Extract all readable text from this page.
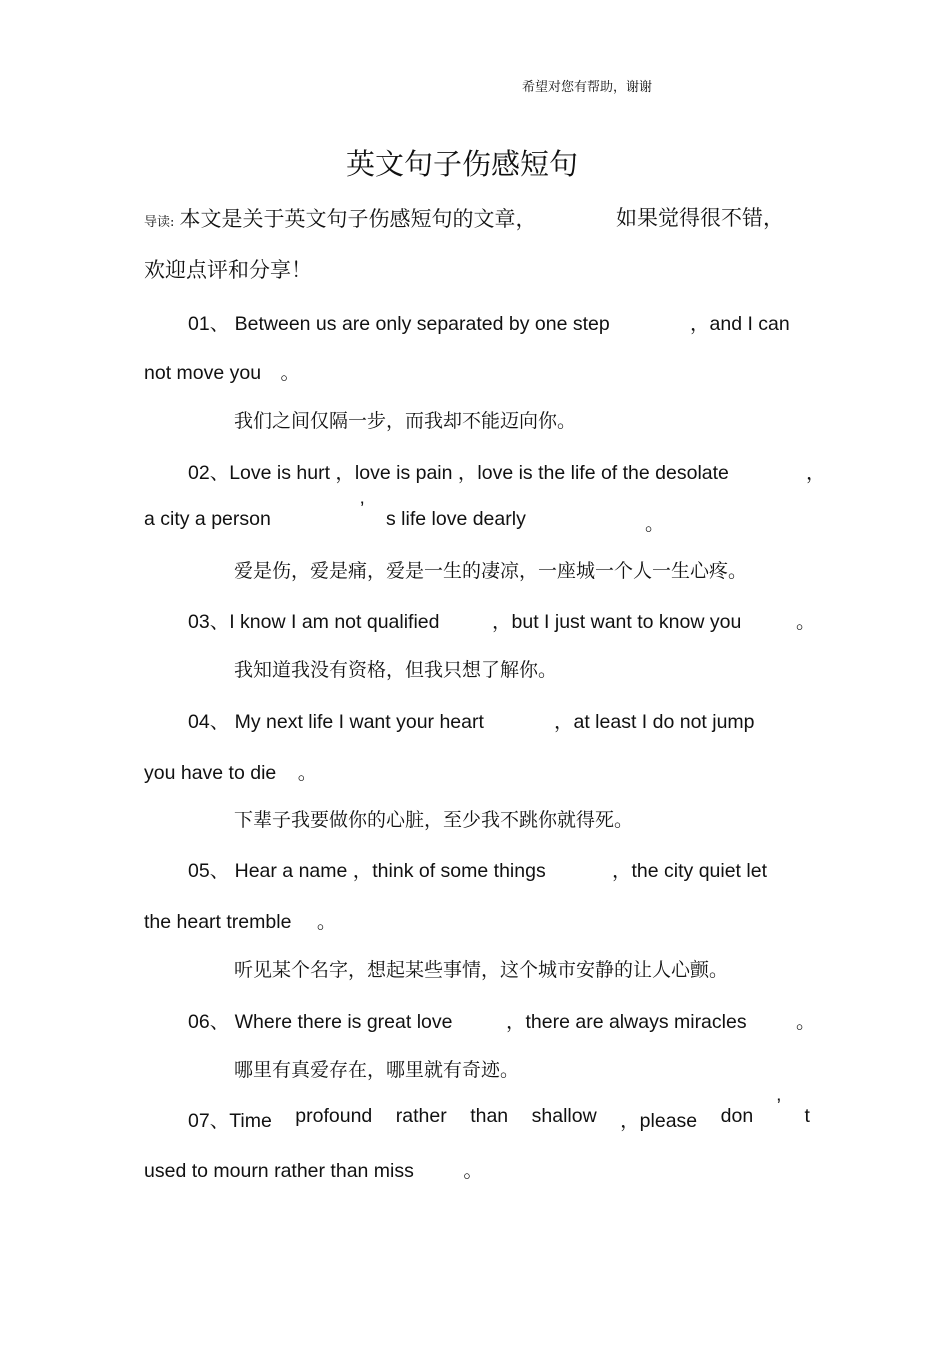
希望对您有帮助，谢谢
英文句子伤感短句
导读: 本文是关于英文句子伤感短句的文章，	如果觉得很不错，
欢迎点评和分享！
01、 Between us are only separated by one step	，and I can
not move you 。
我们之间仅隔一步，而我却不能迈向你。
02、Love is hurt ，love is pain ，love is the life of the desolate	，
a city a person	’ s life love dearly	。
爱是伤，爱是痛，爱是一生的凄凉，一座城一个人一生心疼。
03、I know I am not qualified	，but I just want to know you	。
我知道我没有资格，但我只想了解你。
04、 My next life I want your heart	，at least I do not jump
you have to die 。
下辈子我要做你的心脏，至少我不跳你就得死。
05、 Hear a name ，think of some things	，the city quiet let
the heart tremble 。
听见某个名字，想起某些事情，这个城市安静的让人心颤。
06、 Where there is great love	，there are always miracles	。
哪里有真爱存在，哪里就有奇迹。
07、Time profound rather than shallow ，please don ’ t
used to mourn rather than miss	。
